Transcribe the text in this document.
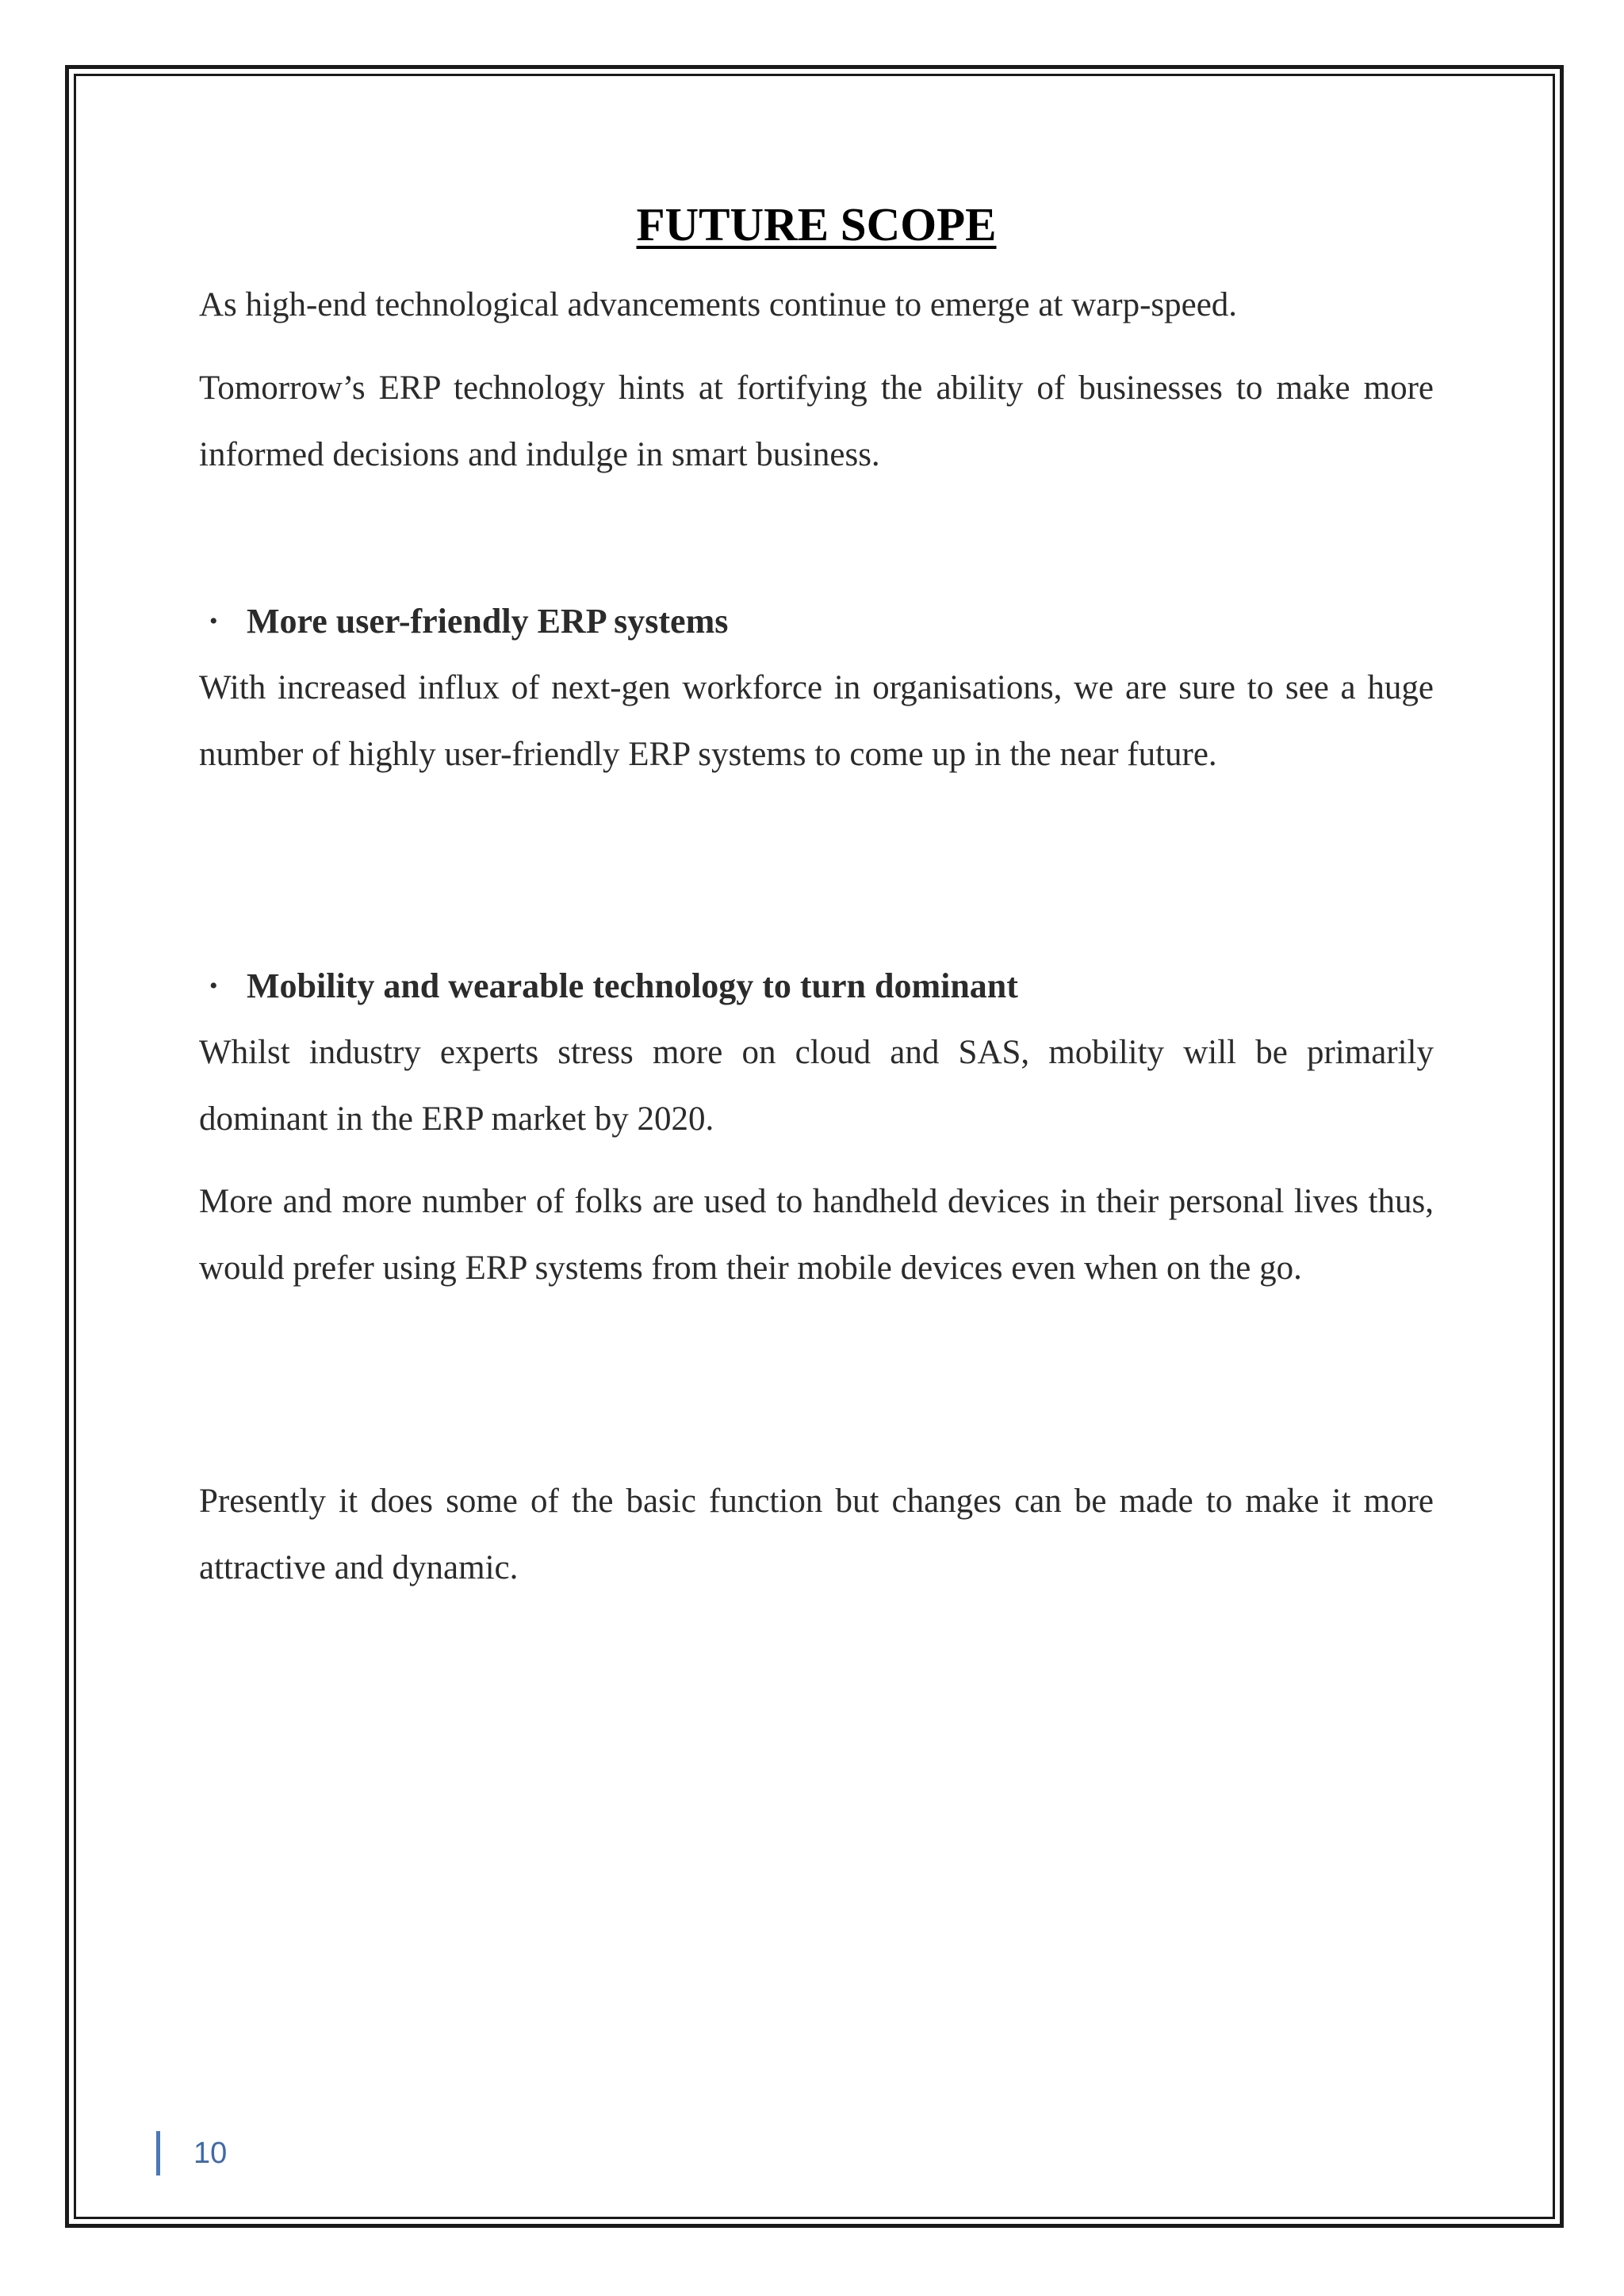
FUTURE SCOPE

As high-end technological advancements continue to emerge at warp-speed.

Tomorrow’s ERP technology hints at fortifying the ability of businesses to make more informed decisions and indulge in smart business.

• More user-friendly ERP systems

With increased influx of next-gen workforce in organisations, we are sure to see a huge number of highly user-friendly ERP systems to come up in the near future.

• Mobility and wearable technology to turn dominant

Whilst industry experts stress more on cloud and SAS, mobility will be primarily dominant in the ERP market by 2020.

More and more number of folks are used to handheld devices in their personal lives thus, would prefer using ERP systems from their mobile devices even when on the go.

Presently it does some of the basic function but changes can be made to make it more attractive and dynamic.

10
